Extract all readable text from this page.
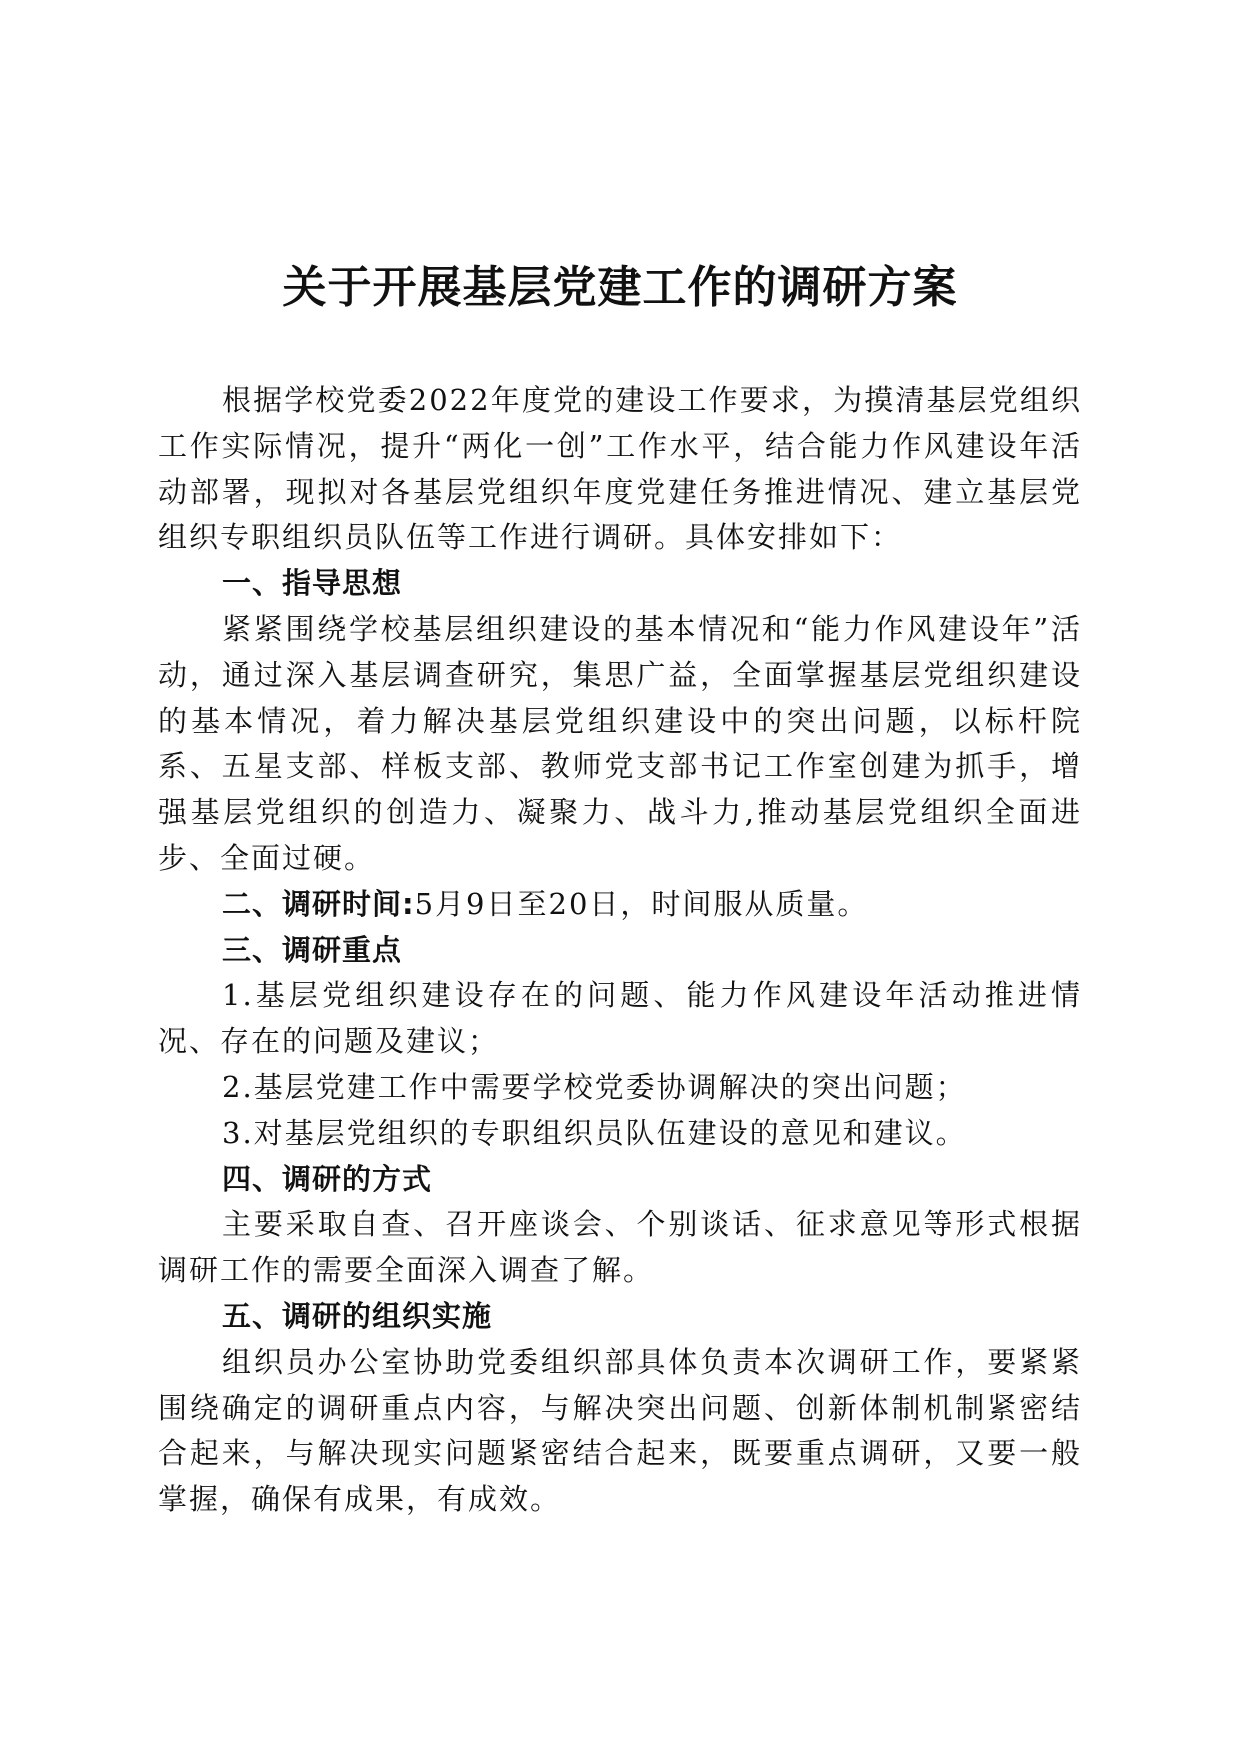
关于开展基层党建工作的调研方案

根据学校党委2022年度党的建设工作要求，为摸清基层党组织工作实际情况，提升“两化一创”工作水平，结合能力作风建设年活动部署，现拟对各基层党组织年度党建任务推进情况、建立基层党组织专职组织员队伍等工作进行调研。具体安排如下：

一、指导思想

紧紧围绕学校基层组织建设的基本情况和“能力作风建设年”活动，通过深入基层调查研究，集思广益，全面掌握基层党组织建设的基本情况，着力解决基层党组织建设中的突出问题，以标杆院系、五星支部、样板支部、教师党支部书记工作室创建为抓手，增强基层党组织的创造力、凝聚力、战斗力,推动基层党组织全面进步、全面过硬。

二、调研时间:5月9日至20日，时间服从质量。

三、调研重点

1.基层党组织建设存在的问题、能力作风建设年活动推进情况、存在的问题及建议；

2.基层党建工作中需要学校党委协调解决的突出问题；

3.对基层党组织的专职组织员队伍建设的意见和建议。

四、调研的方式

主要采取自查、召开座谈会、个别谈话、征求意见等形式根据调研工作的需要全面深入调查了解。

五、调研的组织实施

组织员办公室协助党委组织部具体负责本次调研工作，要紧紧围绕确定的调研重点内容，与解决突出问题、创新体制机制紧密结合起来，与解决现实问题紧密结合起来，既要重点调研，又要一般掌握，确保有成果，有成效。
